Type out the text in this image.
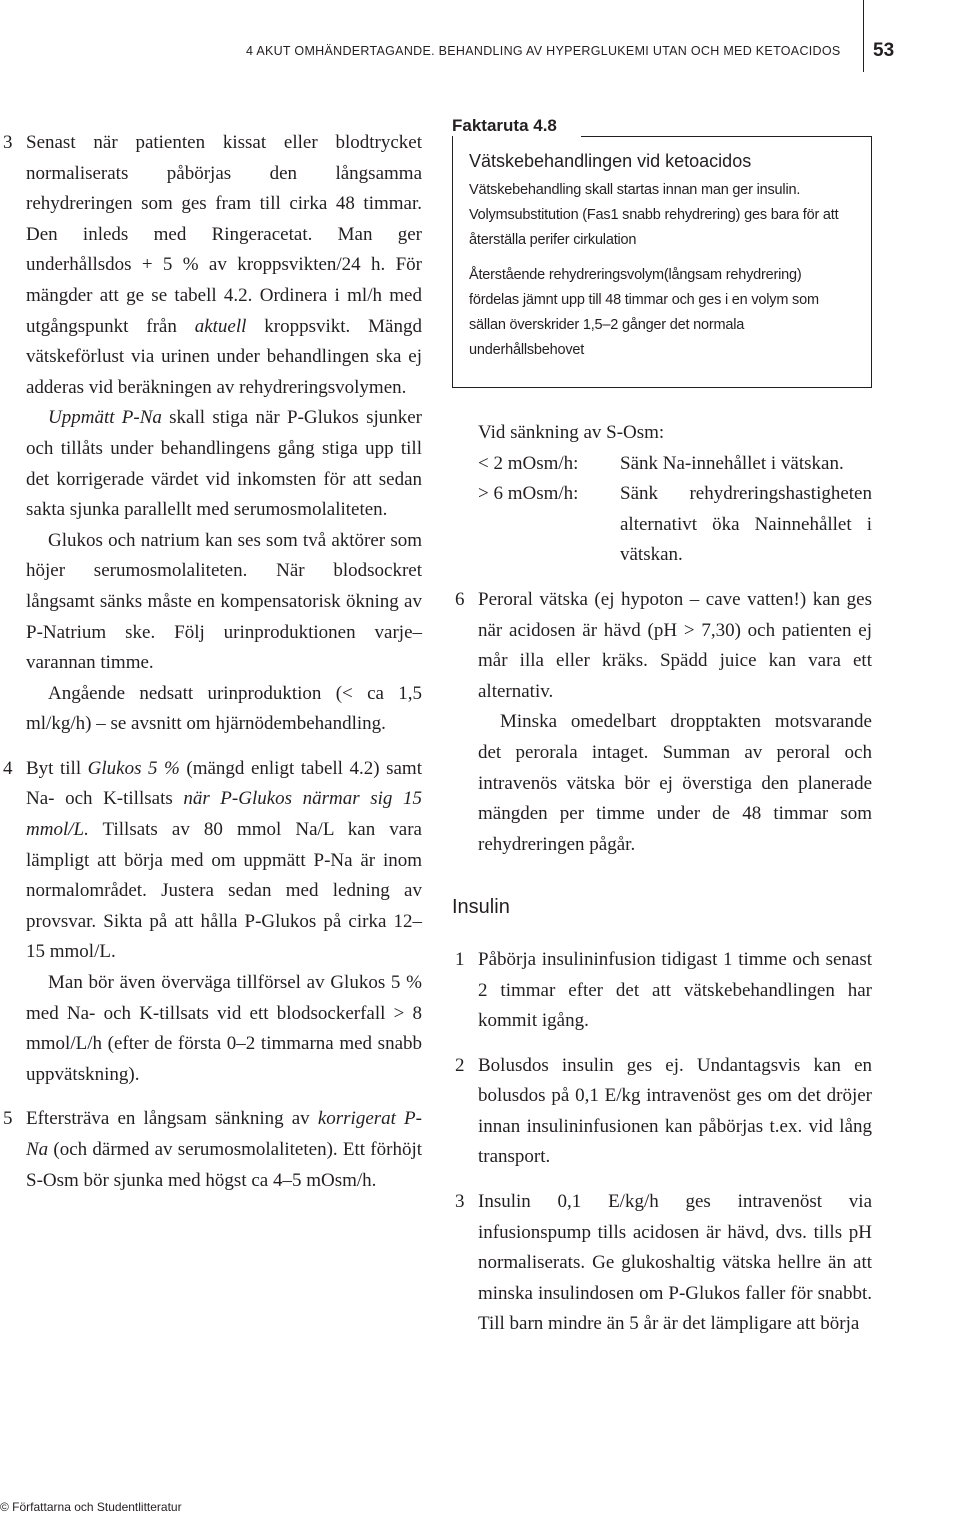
4 AKUT OMHÄNDERTAGANDE. BEHANDLING AV HYPERGLUKEMI UTAN OCH MED KETOACIDOS 53
3 Senast när patienten kissat eller blodtrycket normaliserats påbörjas den långsamma rehydreringen som ges fram till cirka 48 timmar. Den inleds med Ringeracetat. Man ger underhållsdos + 5 % av kroppsvikten/24 h. För mängder att ge se tabell 4.2. Ordinera i ml/h med utgångspunkt från aktuell kroppsvikt. Mängd vätskeförlust via urinen under behandlingen ska ej adderas vid beräkningen av rehydreringsvolymen.

Uppmätt P-Na skall stiga när P-Glukos sjunker och tillåts under behandlingens gång stiga upp till det korrigerade värdet vid inkomsten för att sedan sakta sjunka parallellt med serumosmolaliteten.

Glukos och natrium kan ses som två aktörer som höjer serumosmolaliteten. När blodsockret långsamt sänks måste en kompensatorisk ökning av P-Natrium ske. Följ urinproduktionen varje–varannan timme.

Angående nedsatt urinproduktion (< ca 1,5 ml/kg/h) – se avsnitt om hjärnödembehandling.

4 Byt till Glukos 5 % (mängd enligt tabell 4.2) samt Na- och K-tillsats när P-Glukos närmar sig 15 mmol/L. Tillsats av 80 mmol Na/L kan vara lämpligt att börja med om uppmätt P-Na är inom normalområdet. Justera sedan med ledning av provsvar. Sikta på att hålla P-Glukos på cirka 12–15 mmol/L.

Man bör även överväga tillförsel av Glukos 5 % med Na- och K-tillsats vid ett blodsockerfall > 8 mmol/L/h (efter de första 0–2 timmarna med snabb uppvätskning).

5 Eftersträva en långsam sänkning av korrigerat P-Na (och därmed av serumosmolaliteten). Ett förhöjt S-Osm bör sjunka med högst ca 4–5 mOsm/h.

Faktaruta 4.8
Vätskebehandlingen vid ketoacidos
Vätskebehandling skall startas innan man ger insulin. Volymsubstitution (Fas1 snabb rehydrering) ges bara för att återställa perifer cirkulation
Återstående rehydreringsvolym(långsam rehydrering) fördelas jämnt upp till 48 timmar och ges i en volym som sällan överskrider 1,5–2 gånger det normala underhållsbehovet
Vid sänkning av S-Osm:
< 2 mOsm/h:	Sänk Na-innehållet i vätskan.
> 6 mOsm/h:	Sänk rehydreringshastigheten alternativt öka Nainnehållet i vätskan.
6 Peroral vätska (ej hypoton – cave vatten!) kan ges när acidosen är hävd (pH > 7,30) och patienten ej mår illa eller kräks. Spädd juice kan vara ett alternativ.

Minska omedelbart dropptakten motsvarande det perorala intaget. Summan av peroral och intravenös vätska bör ej överstiga den planerade mängden per timme under de 48 timmar som rehydreringen pågår.

Insulin
1 Påbörja insulininfusion tidigast 1 timme och senast 2 timmar efter det att vätskebehandlingen har kommit igång.

2 Bolusdos insulin ges ej. Undantagsvis kan en bolusdos på 0,1 E/kg intravenöst ges om det dröjer innan insulininfusionen kan påbörjas t.ex. vid lång transport.

3 Insulin 0,1 E/kg/h ges intravenöst via infusionspump tills acidosen är hävd, dvs. tills pH normaliserats. Ge glukoshaltig vätska hellre än att minska insulindosen om P-Glukos faller för snabbt. Till barn mindre än 5 år är det lämpligare att börja

© Författarna och Studentlitteratur
